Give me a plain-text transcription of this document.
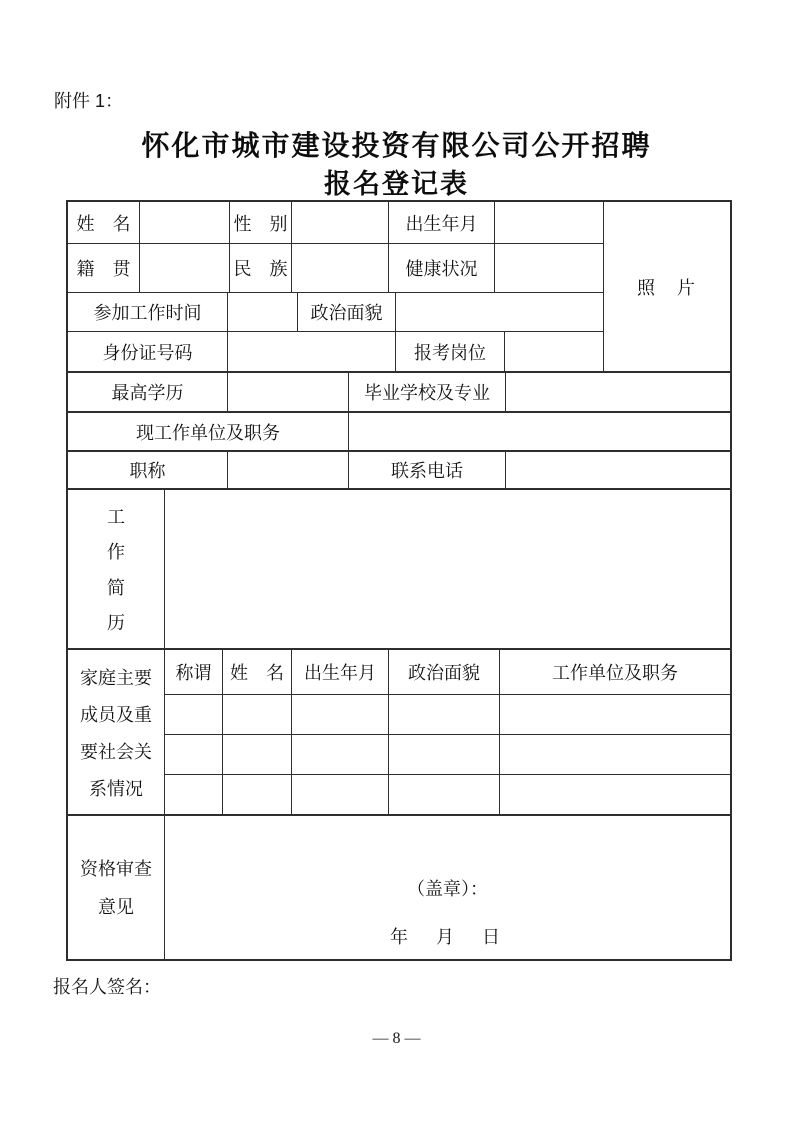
附件 1：
怀化市城市建设投资有限公司公开招聘
报名登记表
姓　名	性　别	出生年月
籍　贯	民　族	健康状况
参加工作时间	政治面貌
身份证号码	报考岗位
照　片
最高学历	毕业学校及专业
现工作单位及职务
职称	联系电话
工
作
简
历
家庭主要
成员及重
要社会关
系情况
称谓	姓　名	出生年月	政治面貌	工作单位及职务
资格审查
意见
（盖章）：
年　月　日
报名人签名：
— 8 —
